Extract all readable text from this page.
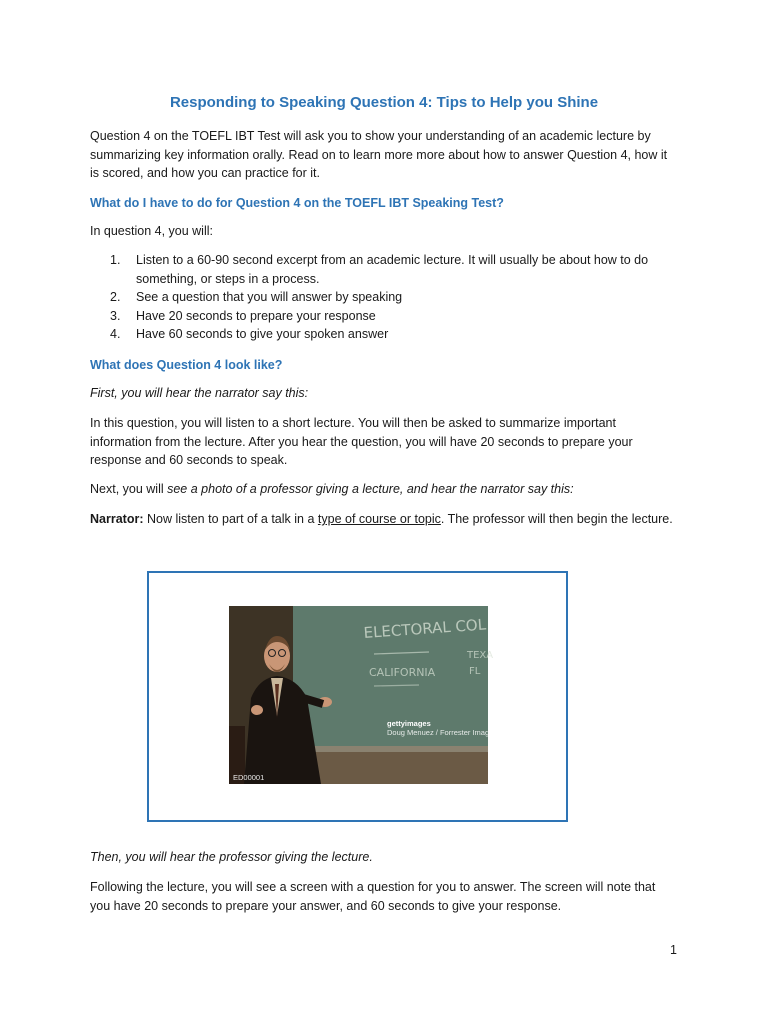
Responding to Speaking Question 4: Tips to Help you Shine

Question 4 on the TOEFL IBT Test will ask you to show your understanding of an academic lecture by summarizing key information orally. Read on to learn more more about how to answer Question 4, how it is scored, and how you can practice for it.

What do I have to do for Question 4 on the TOEFL IBT Speaking Test?

In question 4, you will:

1. Listen to a 60-90 second excerpt from an academic lecture. It will usually be about how to do something, or steps in a process.
2. See a question that you will answer by speaking
3. Have 20 seconds to prepare your response
4. Have 60 seconds to give your spoken answer

What does Question 4 look like?

First, you will hear the narrator say this:

In this question, you will listen to a short lecture. You will then be asked to summarize important information from the lecture. After you hear the question, you will have 20 seconds to prepare your response and 60 seconds to speak.

Next, you will see a photo of a professor giving a lecture, and hear the narrator say this:

Narrator: Now listen to part of a talk in a type of course or topic. The professor will then begin the lecture.

ELECTORAL COL
CALIFORNIA
TEXA
FL
gettyimages
Doug Menuez / Forrester Images
ED00001

Then, you will hear the professor giving the lecture.

Following the lecture, you will see a screen with a question for you to answer. The screen will note that you have 20 seconds to prepare your answer, and 60 seconds to give your response.

1
